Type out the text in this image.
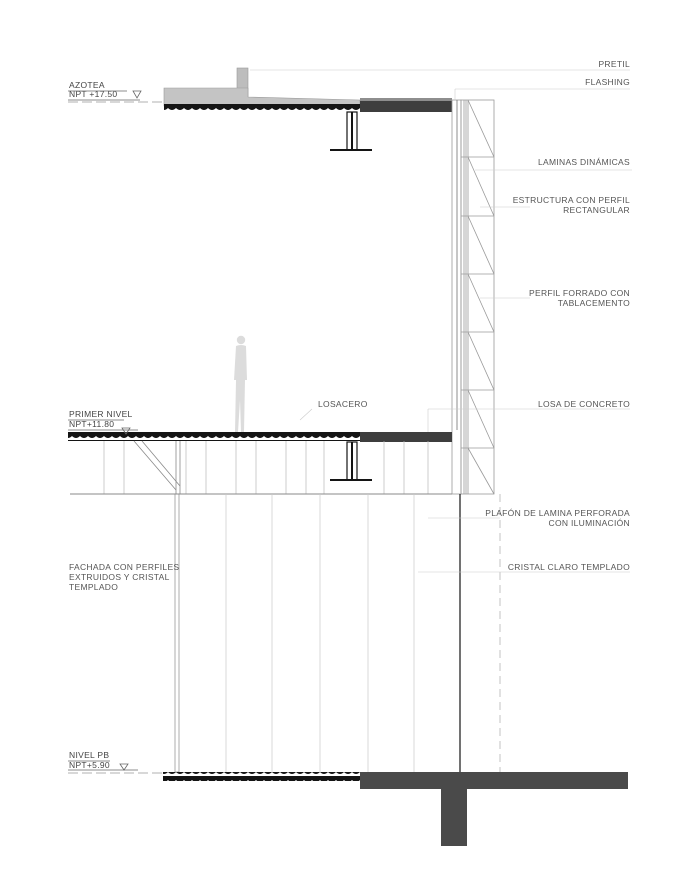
AZOTEA
NPT +17.50
PRIMER NIVEL
NPT+11.80
NIVEL PB
NPT+5.90
PRETIL
FLASHING
LAMINAS DINÁMICAS
ESTRUCTURA CON PERFIL
RECTANGULAR
PERFIL FORRADO CON
TABLACEMENTO
LOSACERO	LOSA DE CONCRETO
PLAFÓN DE LAMINA PERFORADA
CON ILUMINACIÓN
FACHADA CON PERFILES
EXTRUIDOS Y CRISTAL
TEMPLADO
CRISTAL CLARO TEMPLADO
